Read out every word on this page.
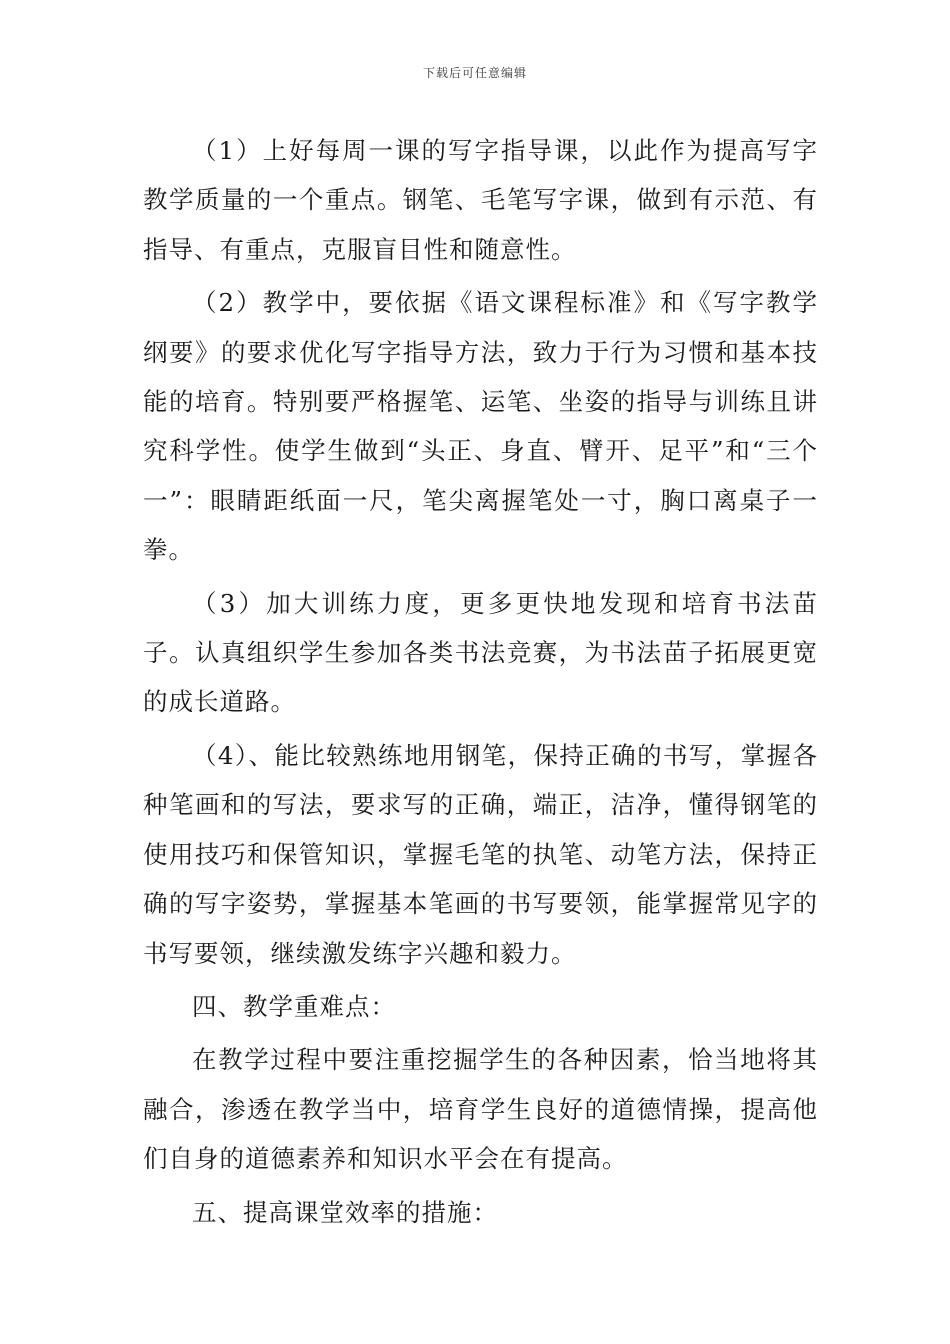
下载后可任意编辑

（1）上好每周一课的写字指导课，以此作为提高写字教学质量的一个重点。钢笔、毛笔写字课，做到有示范、有指导、有重点，克服盲目性和随意性。

（2）教学中，要依据《语文课程标准》和《写字教学纲要》的要求优化写字指导方法，致力于行为习惯和基本技能的培育。特别要严格握笔、运笔、坐姿的指导与训练且讲究科学性。使学生做到“头正、身直、臂开、足平”和“三个一”：眼睛距纸面一尺，笔尖离握笔处一寸，胸口离桌子一拳。

（3）加大训练力度，更多更快地发现和培育书法苗子。认真组织学生参加各类书法竞赛，为书法苗子拓展更宽的成长道路。

（4）、能比较熟练地用钢笔，保持正确的书写，掌握各种笔画和的写法，要求写的正确，端正，洁净，懂得钢笔的使用技巧和保管知识，掌握毛笔的执笔、动笔方法，保持正确的写字姿势，掌握基本笔画的书写要领，能掌握常见字的书写要领，继续激发练字兴趣和毅力。

四、教学重难点：

在教学过程中要注重挖掘学生的各种因素，恰当地将其融合，渗透在教学当中，培育学生良好的道德情操，提高他们自身的道德素养和知识水平会在有提高。

五、提高课堂效率的措施：
